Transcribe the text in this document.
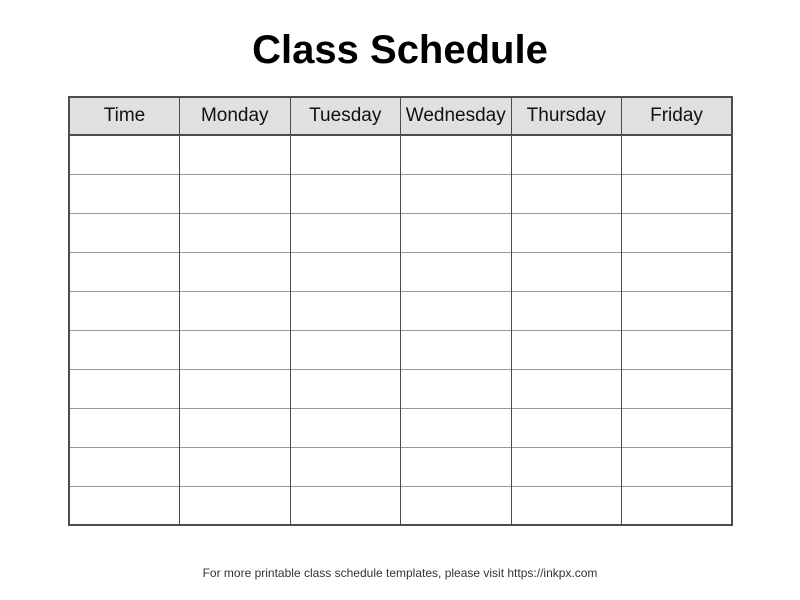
Class Schedule
Time	Monday	Tuesday	Wednesday	Thursday	Friday

For more printable class schedule templates, please visit https://inkpx.com
